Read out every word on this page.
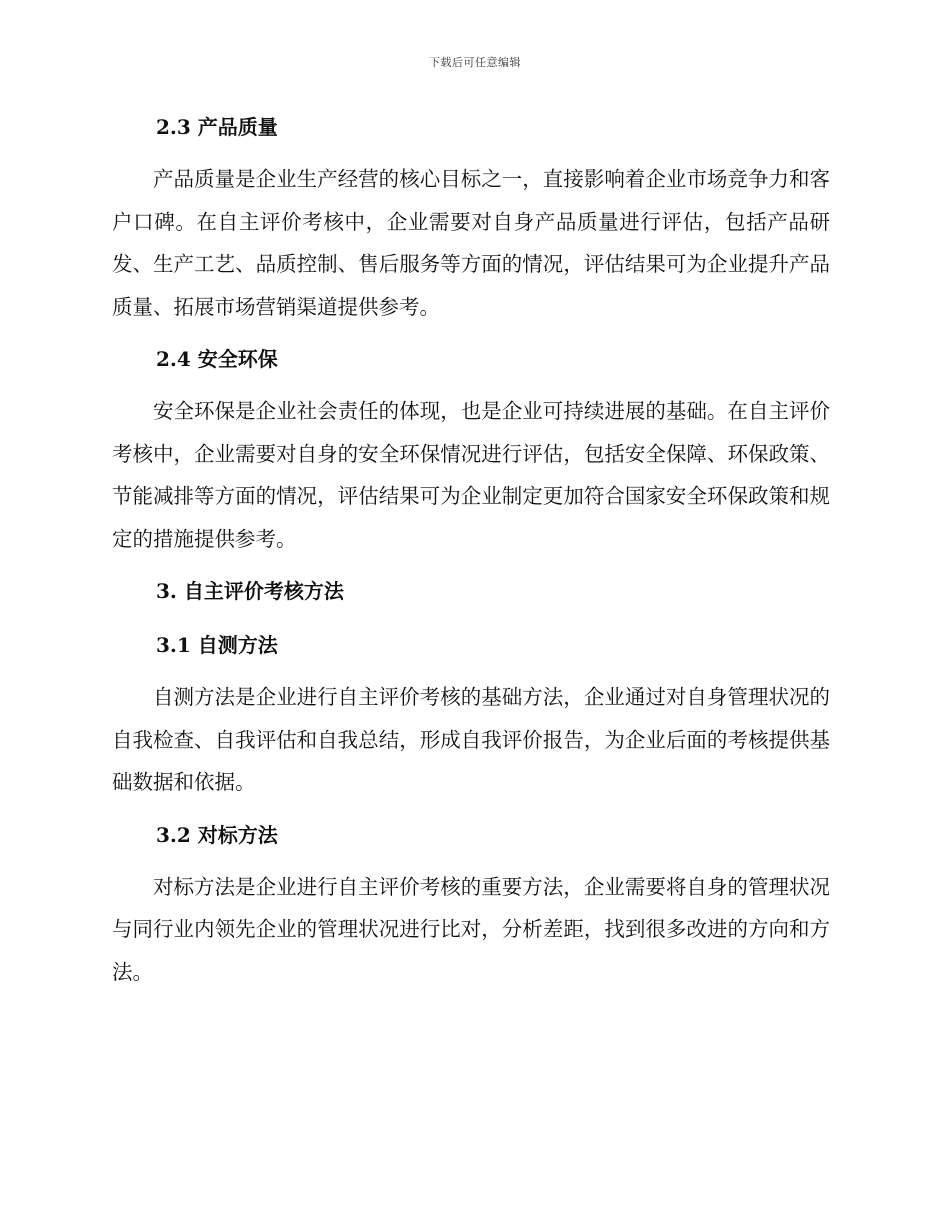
下载后可任意编辑
2.3 产品质量

产品质量是企业生产经营的核心目标之一，直接影响着企业市场竞争力和客户口碑。在自主评价考核中，企业需要对自身产品质量进行评估，包括产品研发、生产工艺、品质控制、售后服务等方面的情况，评估结果可为企业提升产品质量、拓展市场营销渠道提供参考。

2.4 安全环保

安全环保是企业社会责任的体现，也是企业可持续进展的基础。在自主评价考核中，企业需要对自身的安全环保情况进行评估，包括安全保障、环保政策、节能减排等方面的情况，评估结果可为企业制定更加符合国家安全环保政策和规定的措施提供参考。

3. 自主评价考核方法
3.1 自测方法

自测方法是企业进行自主评价考核的基础方法，企业通过对自身管理状况的自我检查、自我评估和自我总结，形成自我评价报告，为企业后面的考核提供基础数据和依据。

3.2 对标方法

对标方法是企业进行自主评价考核的重要方法，企业需要将自身的管理状况与同行业内领先企业的管理状况进行比对，分析差距，找到很多改进的方向和方法。
